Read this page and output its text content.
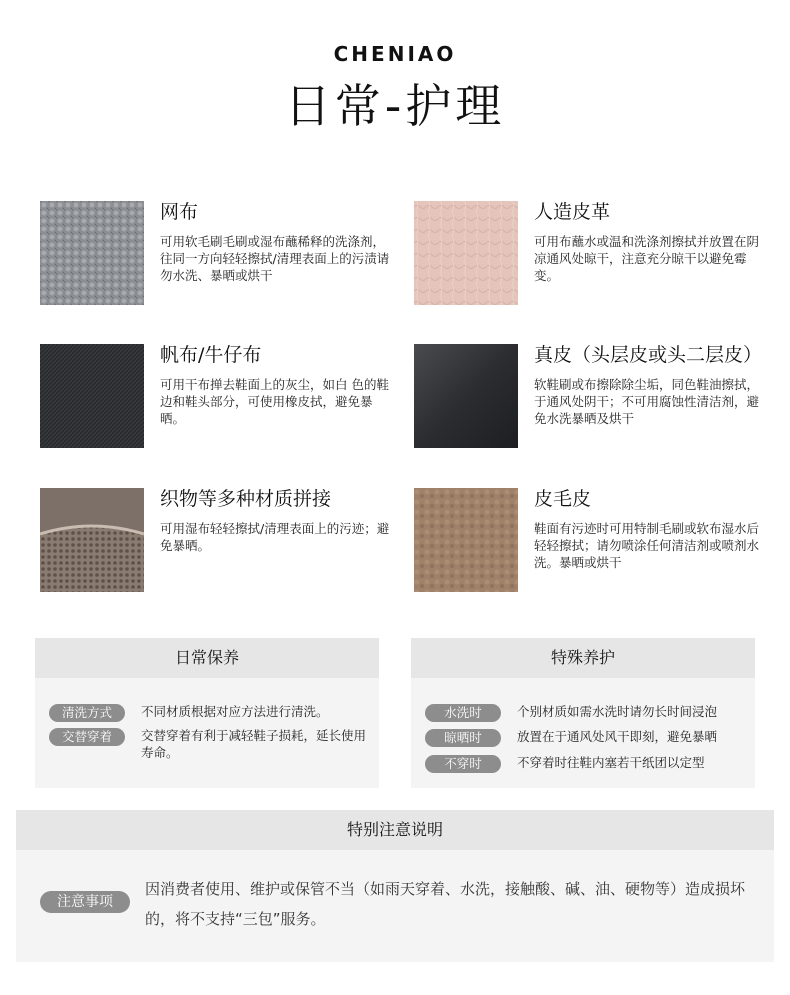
CHENIAO
日常-护理
网布
可用软毛刷毛刷或湿布蘸稀释的洗涤剂，往同一方向轻轻擦拭/清理表面上的污渍请勿水洗、暴晒或烘干
人造皮革
可用布蘸水或温和洗涤剂擦拭并放置在阴凉通风处晾干，注意充分晾干以避免霉变。
帆布/牛仔布
可用干布掸去鞋面上的灰尘，如白 色的鞋边和鞋头部分，可使用橡皮拭，避免暴晒。
真皮（头层皮或头二层皮）
软鞋刷或布擦除除尘垢，同色鞋油擦拭，于通风处阴干；不可用腐蚀性清洁剂，避免水洗暴晒及烘干
织物等多种材质拼接
可用湿布轻轻擦拭/清理表面上的污迹；避免暴晒。
皮毛皮
鞋面有污迹时可用特制毛刷或软布湿水后轻轻擦拭；请勿喷涂任何清洁剂或喷剂水洗。暴晒或烘干
日常保养
清洗方式	不同材质根据对应方法进行清洗。
交替穿着	交替穿着有利于减轻鞋子损耗，延长使用寿命。
特殊养护
水洗时	个别材质如需水洗时请勿长时间浸泡
晾晒时	放置在于通风处风干即刻，避免暴晒
不穿时	不穿着时往鞋内塞若干纸团以定型
特别注意说明
注意事项
因消费者使用、维护或保管不当（如雨天穿着、水洗，接触酸、碱、油、硬物等）造成损坏的，将不支持“三包”服务。
